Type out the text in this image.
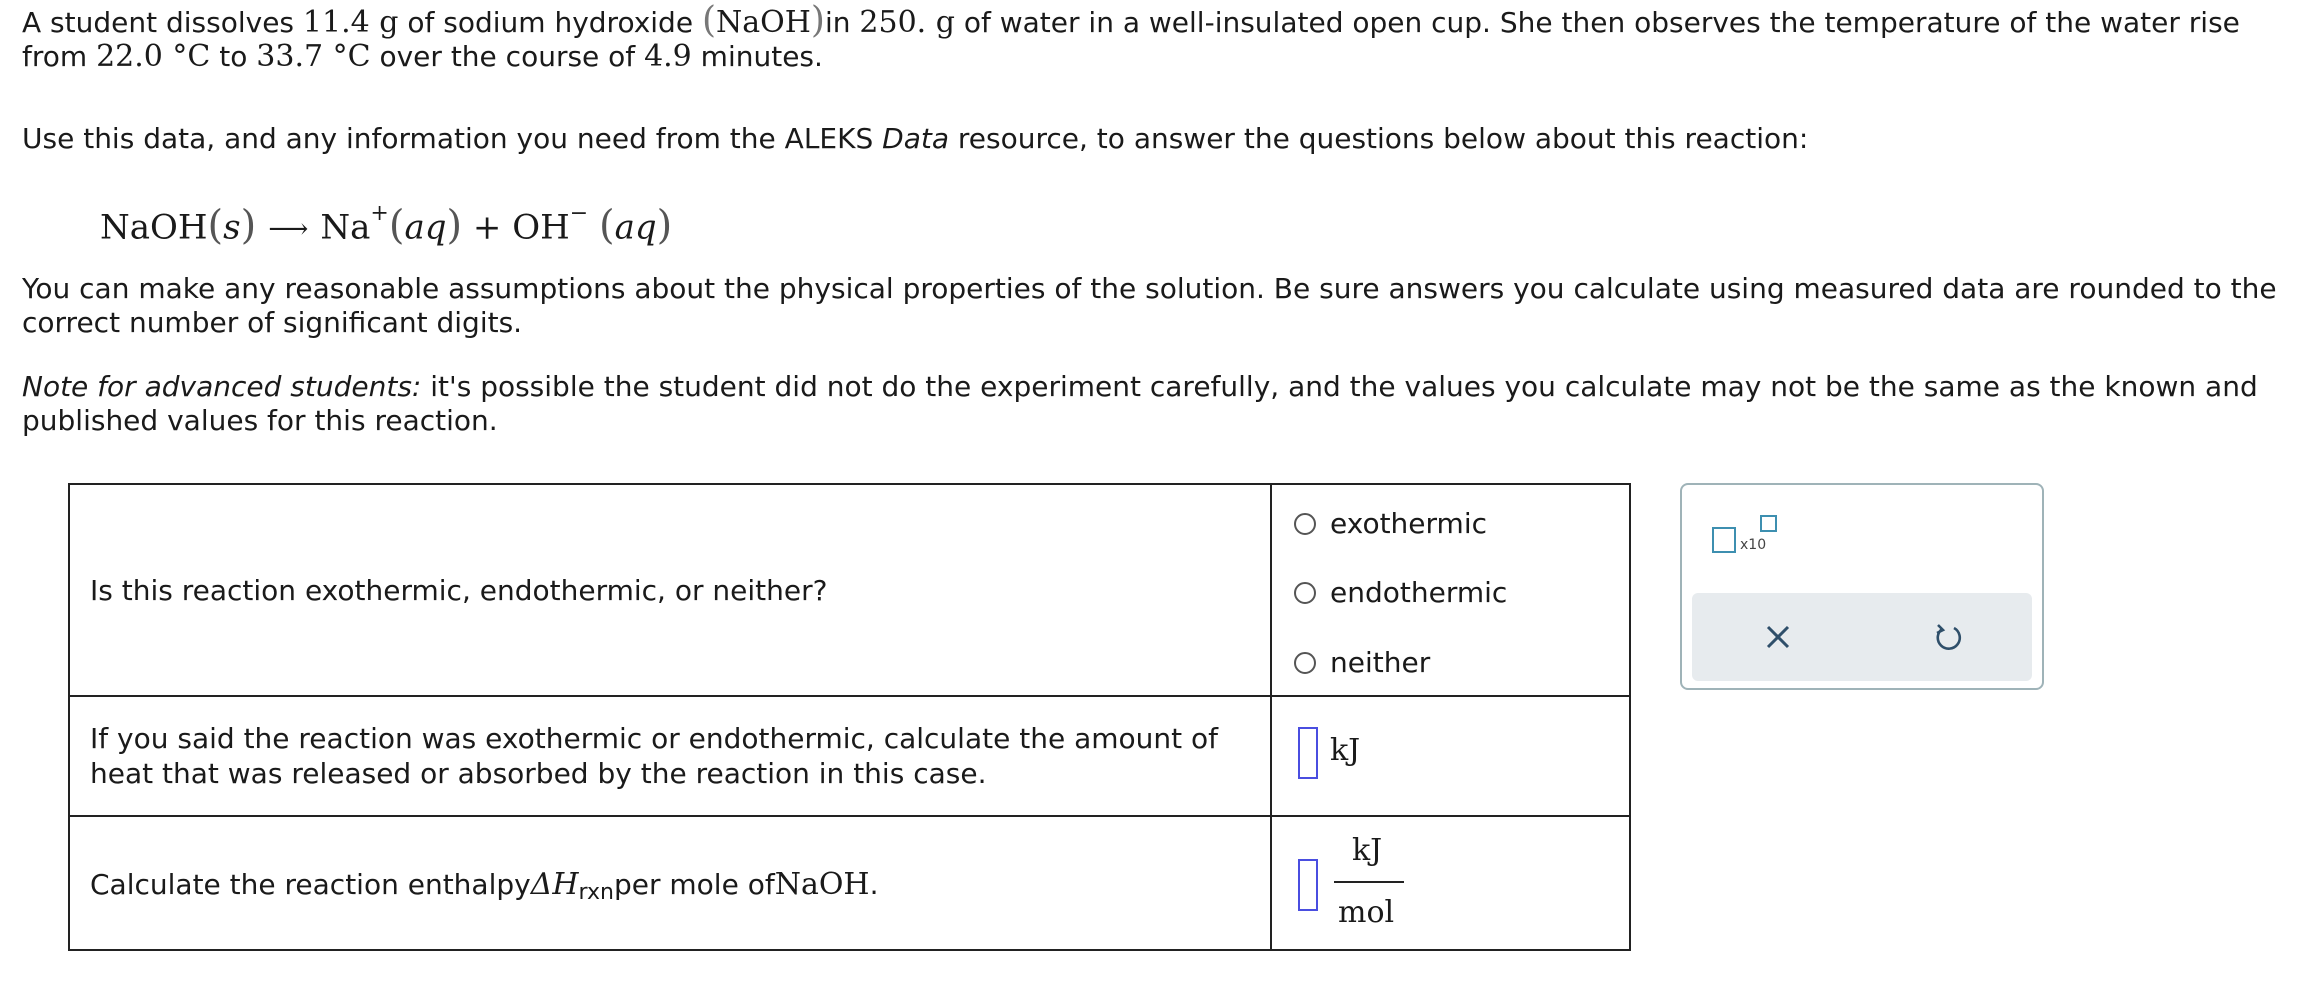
A student dissolves 11.4 g of sodium hydroxide (NaOH)in 250. g of water in a well-insulated open cup. She then observes the temperature of the water rise from 22.0 °C to 33.7 °C over the course of 4.9 minutes.

Use this data, and any information you need from the ALEKS Data resource, to answer the questions below about this reaction:

NaOH(s) ⟶ Na+(aq) + OH− (aq)

You can make any reasonable assumptions about the physical properties of the solution. Be sure answers you calculate using measured data are rounded to the correct number of significant digits.

Note for advanced students: it's possible the student did not do the experiment carefully, and the values you calculate may not be the same as the known and published values for this reaction.

Is this reaction exothermic, endothermic, or neither?
exothermic
endothermic
neither
If you said the reaction was exothermic or endothermic, calculate the amount of heat that was released or absorbed by the reaction in this case.
kJ
Calculate the reaction enthalpy $\Delta H_{rxn}$ per mole of NaOH .
kJ
mol
x10
